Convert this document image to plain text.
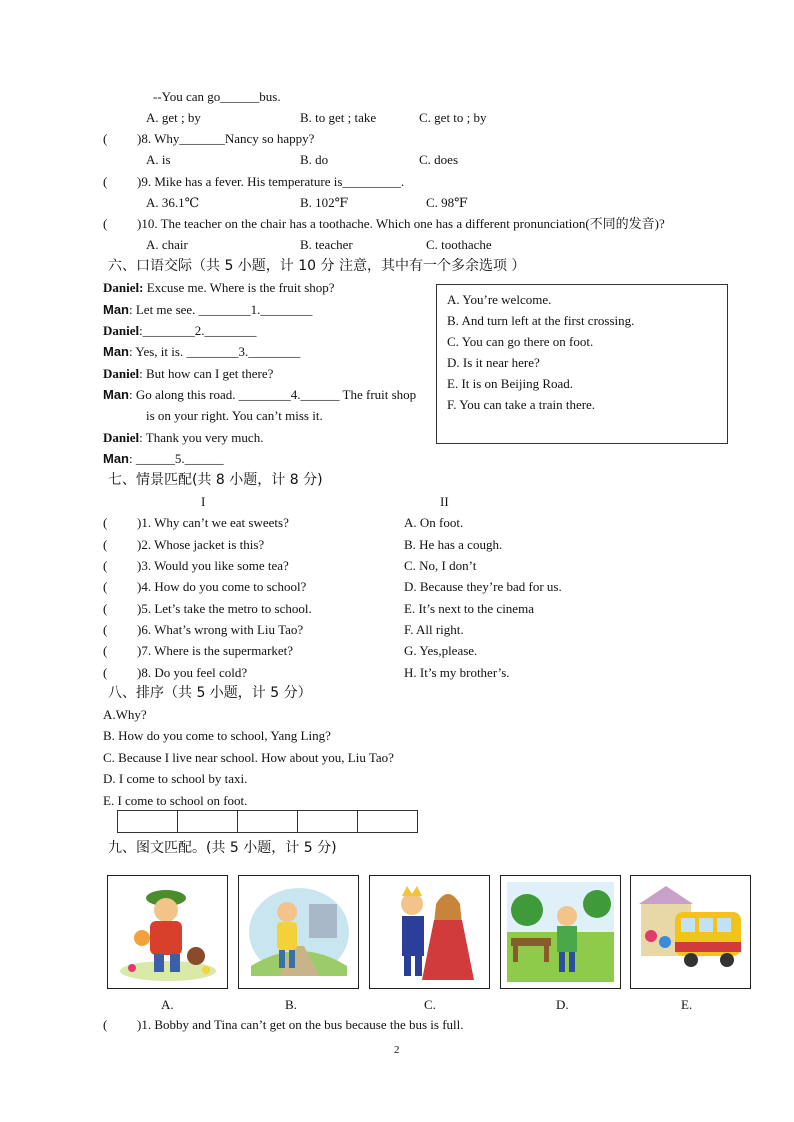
--You can go______bus.
A. get ; by	B. to get ; take	C. get to ; by
( )8. Why_______Nancy so happy?
A. is	B. do	C. does
( )9. Mike has a fever. His temperature is_________.
A. 36.1℃	B. 102℉	C. 98℉
( )10. The teacher on the chair has a toothache. Which one has a different pronunciation(不同的发音)?
A. chair	B. teacher	C. toothache
六、口语交际（共 5 小题，计 10 分 注意，其中有一个多余选项 ）
Daniel: Excuse me. Where is the fruit shop?
Man: Let me see. ________1.________
Daniel:________2.________
Man: Yes, it is. ________3.________
Daniel: But how can I get there?
Man: Go along this road. ________4.______ The fruit shop
is on your right. You can’t miss it.
Daniel: Thank you very much.
Man: ______5.______
A. You’re welcome.
B. And turn left at the first crossing.
C. You can go there on foot.
D. Is it near here?
E. It is on Beijing Road.
F. You can take a train there.
七、情景匹配(共 8 小题，计 8 分)
I	II
( )1. Why can’t we eat sweets?	A. On foot.
( )2. Whose jacket is this?	B. He has a cough.
( )3. Would you like some tea?	C. No, I don’t
( )4. How do you come to school?	D. Because they’re bad for us.
( )5. Let’s take the metro to school.	E. It’s next to the cinema
( )6. What’s wrong with Liu Tao?	F. All right.
( )7. Where is the supermarket?	G. Yes,please.
( )8. Do you feel cold?	H. It’s my brother’s.
八、排序（共 5 小题，计 5 分）
A.Why?
B. How do you come to school, Yang Ling?
C. Because I live near school. How about you, Liu Tao?
D. I come to school by taxi.
E. I come to school on foot.
九、图文匹配。(共 5 小题，计 5 分)
A.	B.	C.	D.	E.
( )1. Bobby and Tina can’t get on the bus because the bus is full.
2
